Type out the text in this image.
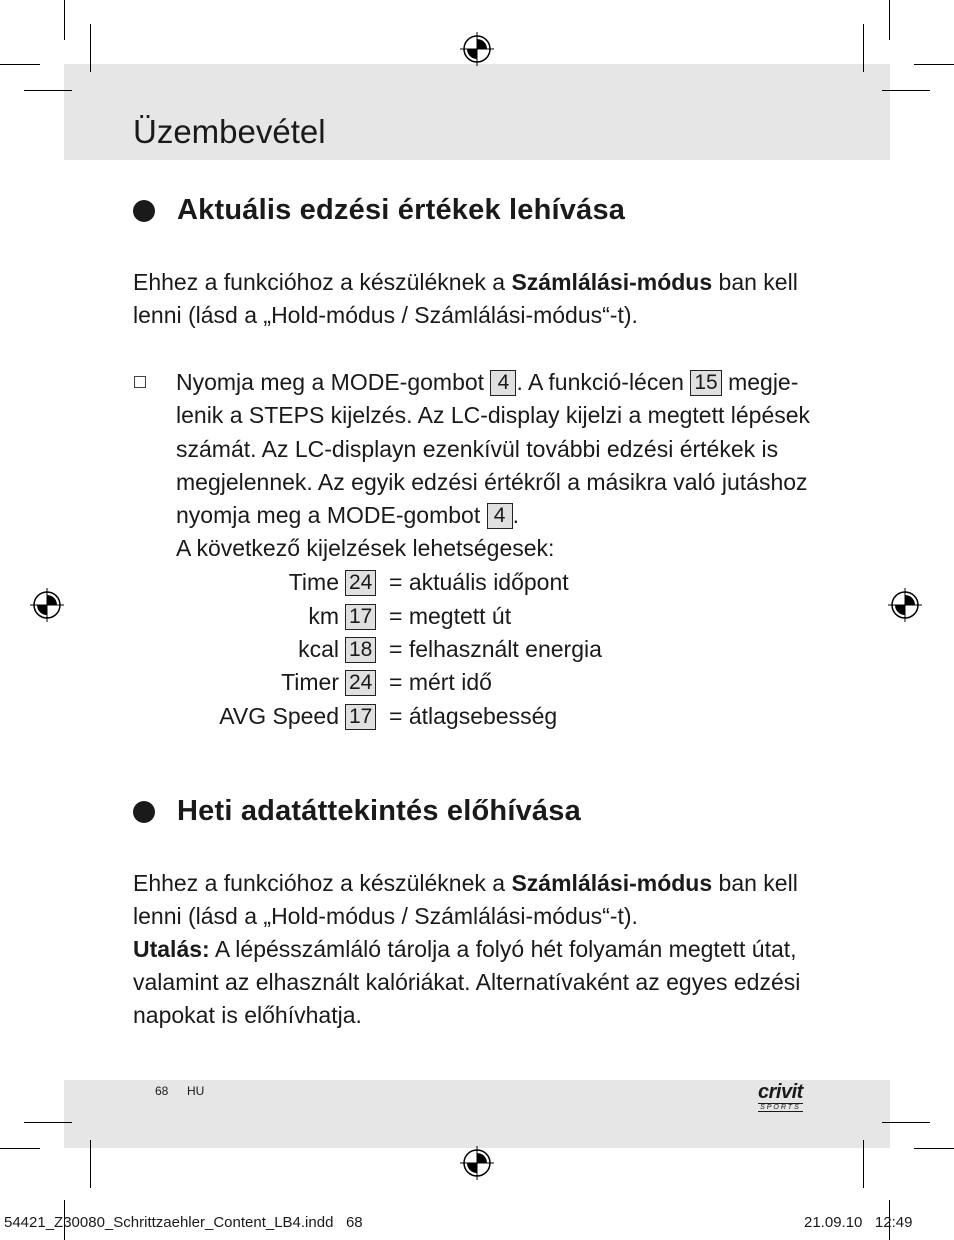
Üzembevétel
Aktuális edzési értékek lehívása
Ehhez a funkcióhoz a készüléknek a Számlálási-módus ban kell lenni (lásd a „Hold-módus / Számlálási-módus“-t).
Nyomja meg a MODE-gombot 4 . A funkció-lécen 15 megje-lenik a STEPS kijelzés. Az LC-display kijelzi a megtett lépések számát. Az LC-displayn ezenkívül további edzési értékek is megjelennek. Az egyik edzési értékről a másikra való jutáshoz nyomja meg a MODE-gombot 4 .
A következő kijelzések lehetségesek:
Time 24 = aktuális időpont
km 17 = megtett út
kcal 18 = felhasznált energia
Timer 24 = mért idő
AVG Speed 17 = átlagsebesség
Heti adatáttekintés előhívása
Ehhez a funkcióhoz a készüléknek a Számlálási-módus ban kell lenni (lásd a „Hold-módus / Számlálási-módus“-t).
Utalás: A lépésszámláló tárolja a folyó hét folyamán megtett útat, valamint az elhasznált kalóriákat. Alternatívaként az egyes edzési napokat is előhívhatja.
68 HU	crivit
SPORTS
54421_Z30080_Schrittzaehler_Content_LB4.indd 68	21.09.10 12:49
